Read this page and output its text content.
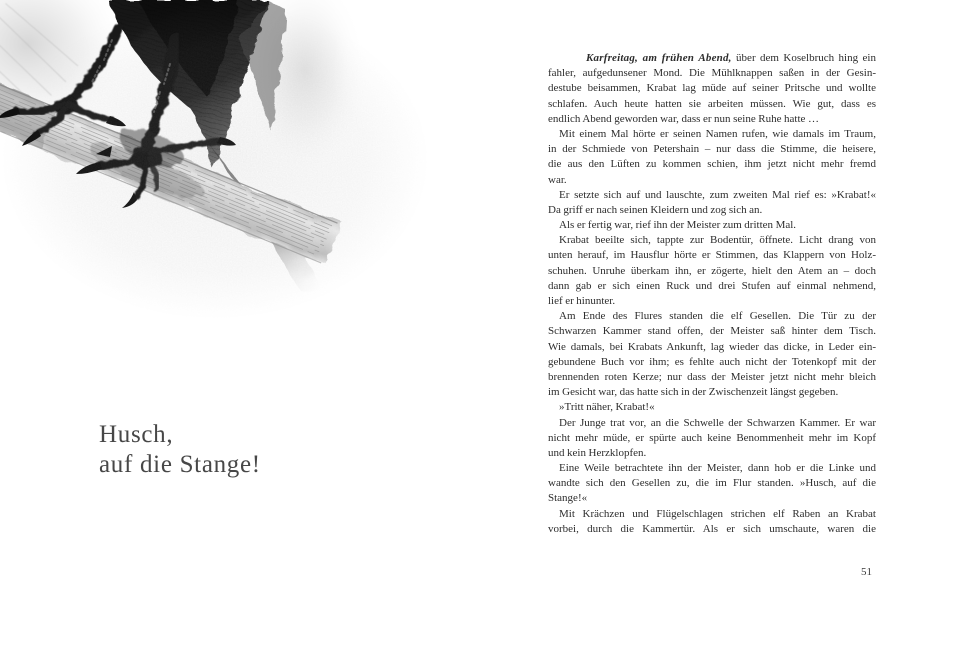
Husch,
auf die Stange!
Karfreitag, am frühen Abend, über dem Koselbruch hing ein
fahler, aufgedunsener Mond. Die Mühlknappen saßen in der Gesin-
destube beisammen, Krabat lag müde auf seiner Pritsche und wollte
schlafen. Auch heute hatten sie arbeiten müssen. Wie gut, dass es
endlich Abend geworden war, dass er nun seine Ruhe hatte …
Mit einem Mal hörte er seinen Namen rufen, wie damals im Traum,
in der Schmiede von Petershain – nur dass die Stimme, die heisere,
die aus den Lüften zu kommen schien, ihm jetzt nicht mehr fremd
war.
Er setzte sich auf und lauschte, zum zweiten Mal rief es: »Krabat!«
Da griff er nach seinen Kleidern und zog sich an.
Als er fertig war, rief ihn der Meister zum dritten Mal.
Krabat beeilte sich, tappte zur Bodentür, öffnete. Licht drang von
unten herauf, im Hausflur hörte er Stimmen, das Klappern von Holz-
schuhen. Unruhe überkam ihn, er zögerte, hielt den Atem an – doch
dann gab er sich einen Ruck und drei Stufen auf einmal nehmend,
lief er hinunter.
Am Ende des Flures standen die elf Gesellen. Die Tür zu der
Schwarzen Kammer stand offen, der Meister saß hinter dem Tisch.
Wie damals, bei Krabats Ankunft, lag wieder das dicke, in Leder ein-
gebundene Buch vor ihm; es fehlte auch nicht der Totenkopf mit der
brennenden roten Kerze; nur dass der Meister jetzt nicht mehr bleich
im Gesicht war, das hatte sich in der Zwischenzeit längst gegeben.
»Tritt näher, Krabat!«
Der Junge trat vor, an die Schwelle der Schwarzen Kammer. Er war
nicht mehr müde, er spürte auch keine Benommenheit mehr im Kopf
und kein Herzklopfen.
Eine Weile betrachtete ihn der Meister, dann hob er die Linke und
wandte sich den Gesellen zu, die im Flur standen. »Husch, auf die
Stange!«
Mit Krächzen und Flügelschlagen strichen elf Raben an Krabat
vorbei, durch die Kammertür. Als er sich umschaute, waren die
51
